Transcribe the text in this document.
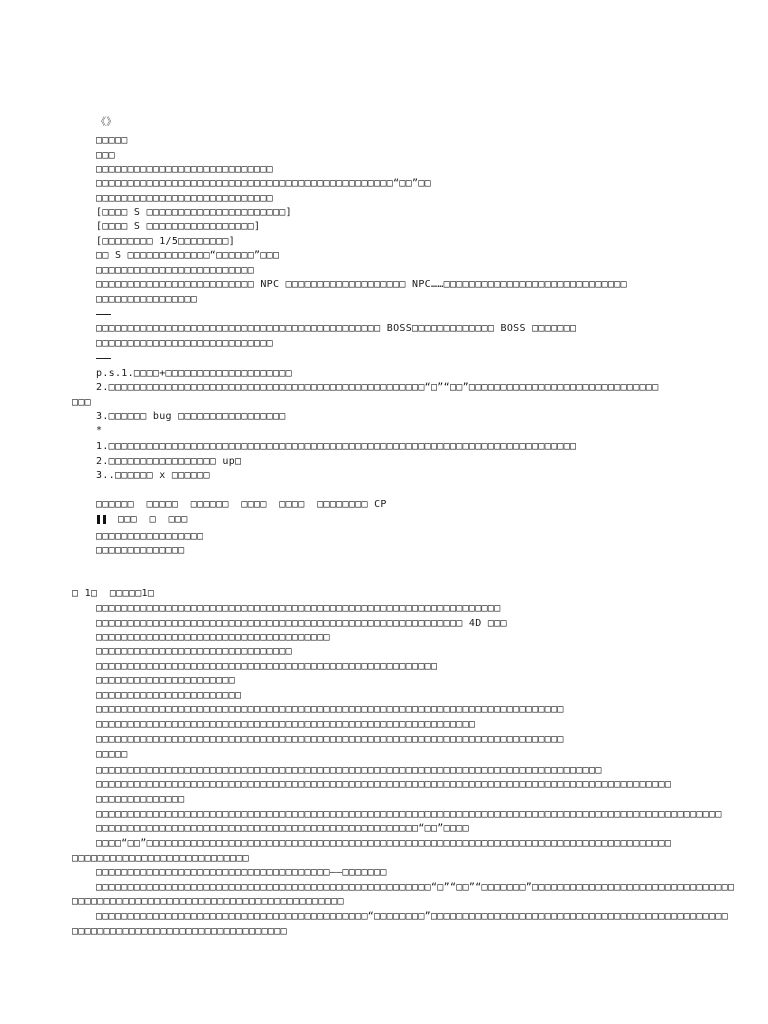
《》
□□□□□
□□□
□□□□□□□□□□□□□□□□□□□□□□□□□□□□
□□□□□□□□□□□□□□□□□□□□□□□□□□□□□□□□□□□□□□□□□□□□□□□“□□”□□
□□□□□□□□□□□□□□□□□□□□□□□□□□□□
[□□□□ S □□□□□□□□□□□□□□□□□□□□□□]
[□□□□ S □□□□□□□□□□□□□□□□□]
[□□□□□□□□ 1/5□□□□□□□□]
□□ S □□□□□□□□□□□□□“□□□□□□”□□□
□□□□□□□□□□□□□□□□□□□□□□□□□
□□□□□□□□□□□□□□□□□□□□□□□□□ NPC □□□□□□□□□□□□□□□□□□□ NPC……□□□□□□□□□□□□□□□□□□□□□□□□□□□□□
□□□□□□□□□□□□□□□□
□□□□□□□□□□□□□□□□□□□□□□□□□□□□□□□□□□□□□□□□□□□□□ BOSS□□□□□□□□□□□□□ BOSS □□□□□□□
□□□□□□□□□□□□□□□□□□□□□□□□□□□□
p.s.1.□□□□+□□□□□□□□□□□□□□□□□□□□
2.□□□□□□□□□□□□□□□□□□□□□□□□□□□□□□□□□□□□□□□□□□□□□□□□□□“□”“□□”□□□□□□□□□□□□□□□□□□□□□□□□□□□□□□
□□□
3.□□□□□□ bug □□□□□□□□□□□□□□□□□
*
1.□□□□□□□□□□□□□□□□□□□□□□□□□□□□□□□□□□□□□□□□□□□□□□□□□□□□□□□□□□□□□□□□□□□□□□□□□□
2.□□□□□□□□□□□□□□□□□ up□
3..□□□□□□ x □□□□□□
□□□□□□  □□□□□  □□□□□□  □□□□  □□□□  □□□□□□□□ CP
□□□  □  □□□
□□□□□□□□□□□□□□□□□
□□□□□□□□□□□□□□
□ 1□  □□□□□1□
□□□□□□□□□□□□□□□□□□□□□□□□□□□□□□□□□□□□□□□□□□□□□□□□□□□□□□□□□□□□□□□□
□□□□□□□□□□□□□□□□□□□□□□□□□□□□□□□□□□□□□□□□□□□□□□□□□□□□□□□□□□ 4D □□□
□□□□□□□□□□□□□□□□□□□□□□□□□□□□□□□□□□□□□
□□□□□□□□□□□□□□□□□□□□□□□□□□□□□□□
□□□□□□□□□□□□□□□□□□□□□□□□□□□□□□□□□□□□□□□□□□□□□□□□□□□□□□
□□□□□□□□□□□□□□□□□□□□□□
□□□□□□□□□□□□□□□□□□□□□□□
□□□□□□□□□□□□□□□□□□□□□□□□□□□□□□□□□□□□□□□□□□□□□□□□□□□□□□□□□□□□□□□□□□□□□□□□□□
□□□□□□□□□□□□□□□□□□□□□□□□□□□□□□□□□□□□□□□□□□□□□□□□□□□□□□□□□□□□
□□□□□□□□□□□□□□□□□□□□□□□□□□□□□□□□□□□□□□□□□□□□□□□□□□□□□□□□□□□□□□□□□□□□□□□□□□
□□□□□
□□□□□□□□□□□□□□□□□□□□□□□□□□□□□□□□□□□□□□□□□□□□□□□□□□□□□□□□□□□□□□□□□□□□□□□□□□□□□□□□
□□□□□□□□□□□□□□□□□□□□□□□□□□□□□□□□□□□□□□□□□□□□□□□□□□□□□□□□□□□□□□□□□□□□□□□□□□□□□□□□□□□□□□□□□□□
□□□□□□□□□□□□□□
□□□□□□□□□□□□□□□□□□□□□□□□□□□□□□□□□□□□□□□□□□□□□□□□□□□□□□□□□□□□□□□□□□□□□□□□□□□□□□□□□□□□□□□□□□□□□□□□□□□
□□□□□□□□□□□□□□□□□□□□□□□□□□□□□□□□□□□□□□□□□□□□□□□□□□□“□□”□□□□
□□□□“□□”□□□□□□□□□□□□□□□□□□□□□□□□□□□□□□□□□□□□□□□□□□□□□□□□□□□□□□□□□□□□□□□□□□□□□□□□□□□□□□□□□□□
□□□□□□□□□□□□□□□□□□□□□□□□□□□□
□□□□□□□□□□□□□□□□□□□□□□□□□□□□□□□□□□□□□——□□□□□□□
□□□□□□□□□□□□□□□□□□□□□□□□□□□□□□□□□□□□□□□□□□□□□□□□□□□□□“□”“□□”“□□□□□□□”□□□□□□□□□□□□□□□□□□□□□□□□□□□□□□□□
□□□□□□□□□□□□□□□□□□□□□□□□□□□□□□□□□□□□□□□□□□□
□□□□□□□□□□□□□□□□□□□□□□□□□□□□□□□□□□□□□□□□□□□“□□□□□□□□”□□□□□□□□□□□□□□□□□□□□□□□□□□□□□□□□□□□□□□□□□□□□□□□
□□□□□□□□□□□□□□□□□□□□□□□□□□□□□□□□□□
